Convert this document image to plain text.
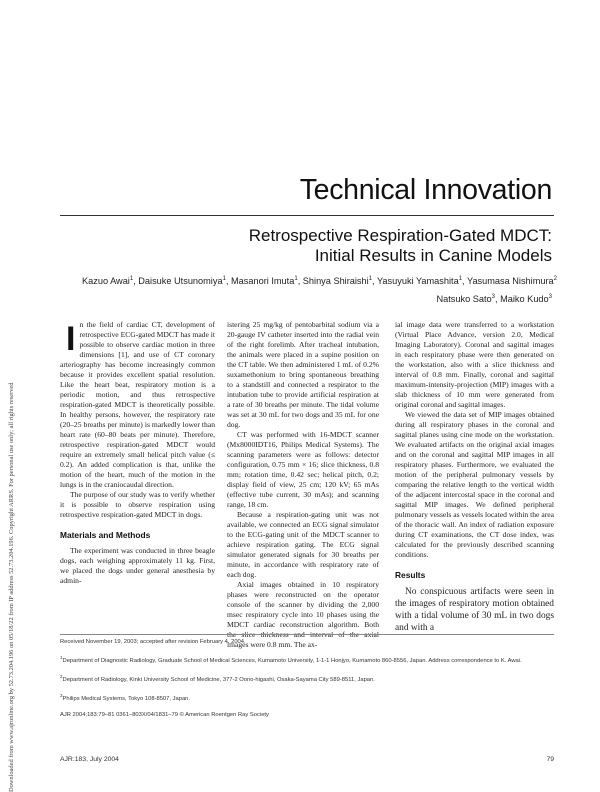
Downloaded from www.ajronline.org by 52.73.204.196 on 05/18/22 from IP address 52.73.204.196. Copyright ARRS. For personal use only; all rights reserved
Technical Innovation
Retrospective Respiration-Gated MDCT:
Initial Results in Canine Models
Kazuo Awai$^1$, Daisuke Utsunomiya$^1$, Masanori Imuta$^1$, Shinya Shiraishi$^1$, Yasuyuki Yamashita$^1$, Yasumasa Nishimura$^2$
Natsuko Sato$^3$, Maiko Kudo$^3$
I n the field of cardiac CT, development of retrospective ECG-gated MDCT has made it possible to observe cardiac motion in three dimensions [1], and use of CT coronary arteriography has become increasingly common because it provides excellent spatial resolution. Like the heart beat, respiratory motion is a periodic motion, and thus retrospective respiration-gated MDCT is theoretically possible. In healthy persons, however, the respiratory rate (20–25 breaths per minute) is markedly lower than heart rate (60–80 beats per minute). Therefore, retrospective respiration-gated MDCT would require an extremely small helical pitch value (≤ 0.2). An added complication is that, unlike the motion of the heart, much of the motion in the lungs is in the craniocaudal direction.

The purpose of our study was to verify whether it is possible to observe respiration using retrospective respiration-gated MDCT in dogs.

Materials and Methods

The experiment was conducted in three beagle dogs, each weighing approximately 11 kg. First, we placed the dogs under general anesthesia by admin-

istering 25 mg/kg of pentobarbital sodium via a 20-gauge IV catheter inserted into the radial vein of the right forelimb. After tracheal intubation, the animals were placed in a supine position on the CT table. We then administered 1 mL of 0.2% suxamethonium to bring spontaneous breathing to a standstill and connected a respirator to the intubation tube to provide artificial respiration at a rate of 30 breaths per minute. The tidal volume was set at 30 mL for two dogs and 35 mL for one dog.

CT was performed with 16-MDCT scanner (Mx8000IDT16, Philips Medical Systems). The scanning parameters were as follows: detector configuration, 0.75 mm × 16; slice thickness, 0.8 mm; rotation time, 0.42 sec; helical pitch, 0.2; display field of view, 25 cm; 120 kV; 65 mAs (effective tube current, 30 mAs); and scanning range, 18 cm.

Because a respiration-gating unit was not available, we connected an ECG signal simulator to the ECG-gating unit of the MDCT scanner to achieve respiration gating. The ECG signal simulator generated signals for 30 breaths per minute, in accordance with respiratory rate of each dog.

Axial images obtained in 10 respiratory phases were reconstructed on the operator console of the scanner by dividing the 2,000 msec respiratory cycle into 10 phases using the MDCT cardiac reconstruction algorithm. Both images were 0.8 mm. The ax-

ial image data were transferred to a workstation (Virtual Place Advance, version 2.0, Medical Imaging Laboratory). Coronal and sagittal images in each respiratory phase were then generated on the workstation, also with a slice thickness and interval of 0.8 mm. Finally, coronal and sagittal maximum-intensity-projection (MIP) images with a slab thickness of 10 mm were generated from original coronal and sagittal images.

We viewed the data set of MIP images obtained during all respiratory phases in the coronal and sagittal planes using cine mode on the workstation. We evaluated artifacts on the original axial images and on the coronal and sagittal MIP images in all respiratory phases. Furthermore, we evaluated the motion of the peripheral pulmonary vessels by comparing the relative length to the vertical width of the adjacent intercostal space in the coronal and sagittal MIP images. We defined peripheral pulmonary vessels as vessels located within the area of the thoracic wall. An index of radiation exposure during CT examinations, the CT dose index, was calculated for the previously described scanning conditions.

Results

No conspicuous artifacts were seen in the images of respiratory motion obtained with a tidal volume of 30 mL in two dogs and with a

Received November 19, 2003; accepted after revision February 4, 2004.

$^1$Department of Diagnostic Radiology, Graduate School of Medical Sciences, Kumamoto University, 1-1-1 Honjyo, Kumamoto 860-8556, Japan. Address correspondence to K. Awai.

$^2$Department of Radiology, Kinki University School of Medicine, 377-2 Oono-higashi, Osaka-Sayama City 589-8511, Japan.

$^3$Philips Medical Systems, Tokyo 108-8507, Japan.

AJR 2004;183:79–81 0361–803X/04/1831–79 © American Roentgen Ray Society

AJR:183, July 2004	79
